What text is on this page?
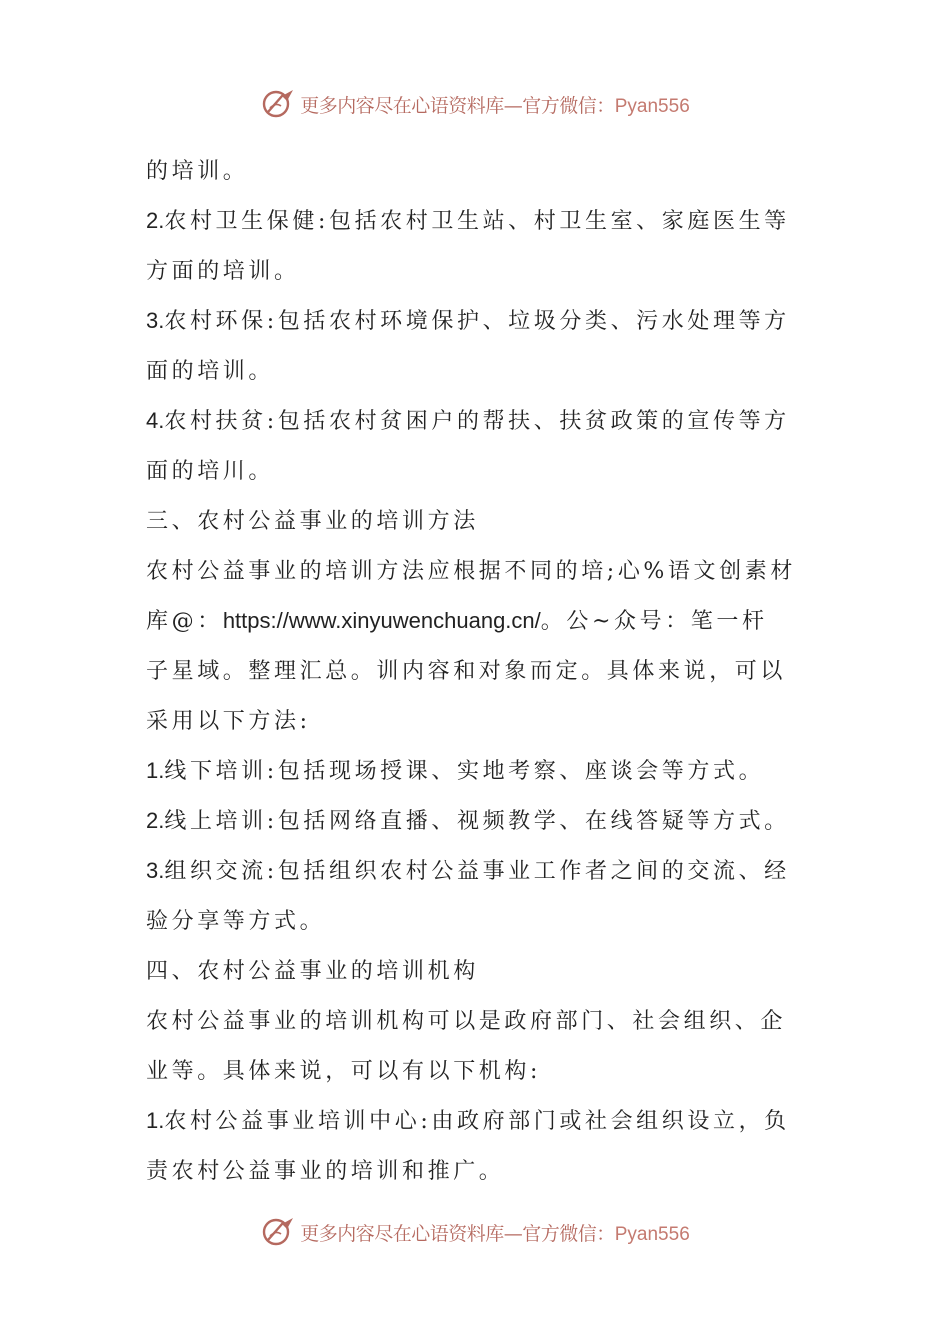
更多内容尽在心语资料库—官方微信：Pyan556
的培训。
2.农村卫生保健:包括农村卫生站、村卫生室、家庭医生等
方面的培训。
3.农村环保:包括农村环境保护、垃圾分类、污水处理等方
面的培训。
4.农村扶贫:包括农村贫困户的帮扶、扶贫政策的宣传等方
面的培川。
三、农村公益事业的培训方法
农村公益事业的培训方法应根据不同的培;心%语文创素材
库@：https://www.xinyuwenchuang.cn/。公~众号：笔一杆
子星域。整理汇总。训内容和对象而定。具体来说，可以
采用以下方法:
1.线下培训:包括现场授课、实地考察、座谈会等方式。
2.线上培训:包括网络直播、视频教学、在线答疑等方式。
3.组织交流:包括组织农村公益事业工作者之间的交流、经
验分享等方式。
四、农村公益事业的培训机构
农村公益事业的培训机构可以是政府部门、社会组织、企
业等。具体来说，可以有以下机构:
1.农村公益事业培训中心:由政府部门或社会组织设立，负
责农村公益事业的培训和推广。
更多内容尽在心语资料库—官方微信：Pyan556
